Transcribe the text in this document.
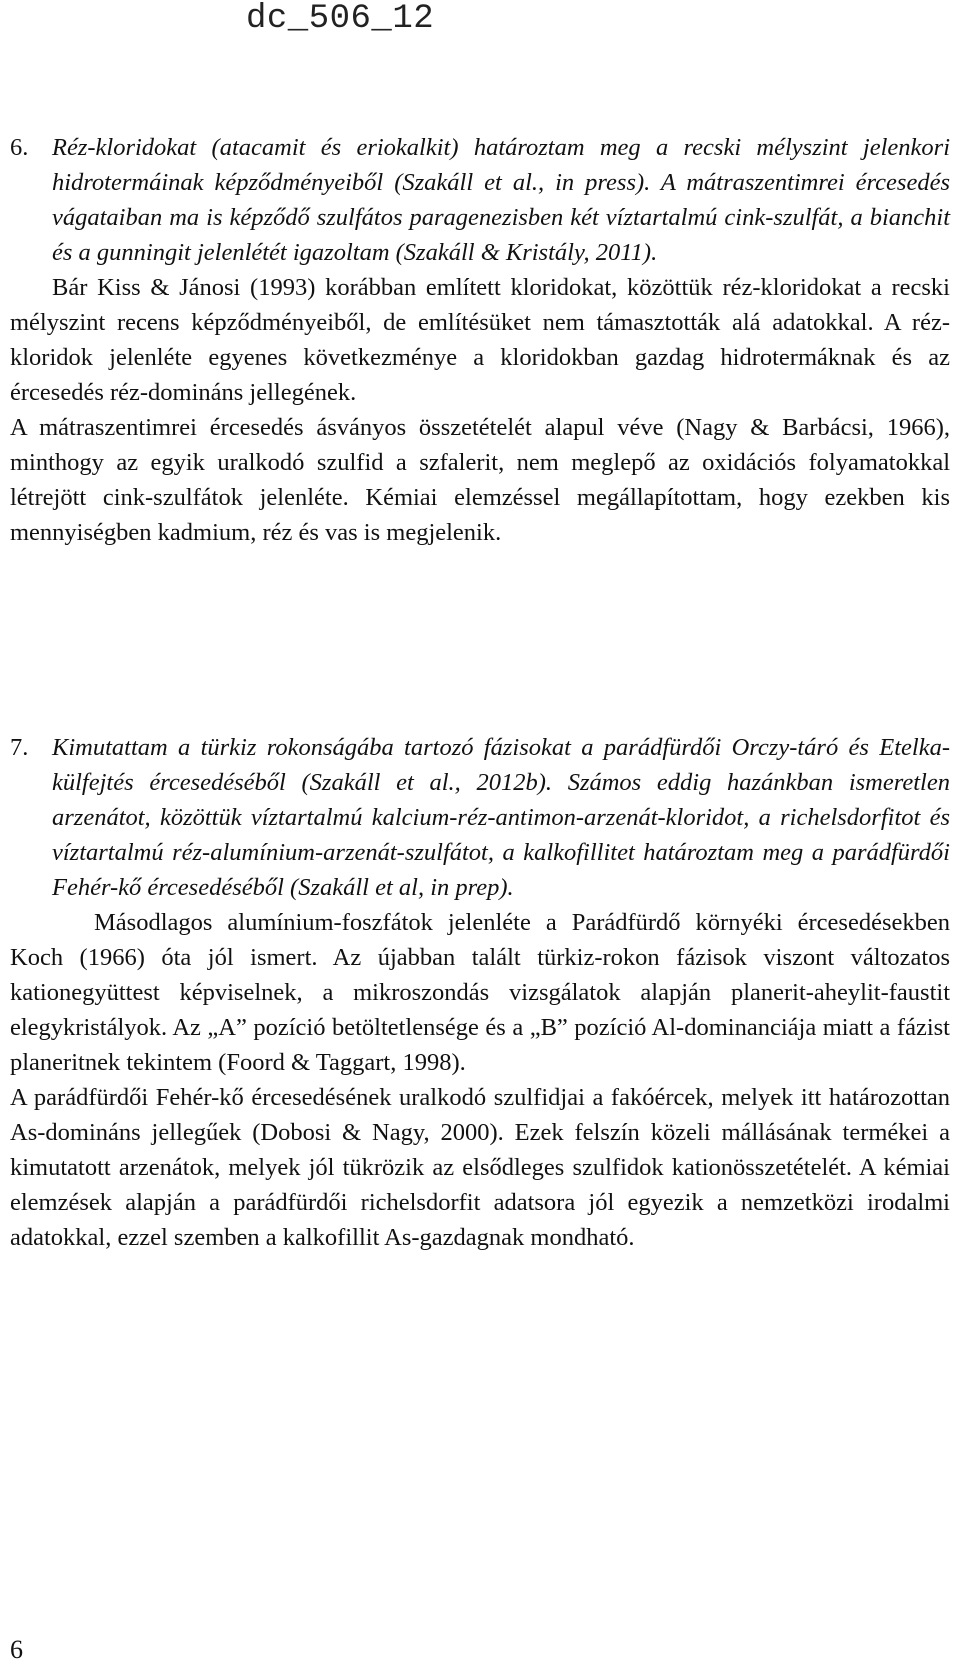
dc_506_12
6. Réz-kloridokat (atacamit és eriokalkit) határoztam meg a recski mélyszint jelenkori hidrotermáinak képződményeiből (Szakáll et al., in press). A mátraszentimrei ércesedés vágataiban ma is képződő szulfátos paragenezisben két víztartalmú cink-szulfát, a bianchit és a gunningit jelenlétét igazoltam (Szakáll & Kristály, 2011).

Bár Kiss & Jánosi (1993) korábban említett kloridokat, közöttük réz-kloridokat a recski mélyszint recens képződményeiből, de említésüket nem támasztották alá adatokkal. A réz-kloridok jelenléte egyenes következménye a kloridokban gazdag hidrotermáknak és az ércesedés réz-domináns jellegének.

A mátraszentimrei ércesedés ásványos összetételét alapul véve (Nagy & Barbácsi, 1966), minthogy az egyik uralkodó szulfid a szfalerit, nem meglepő az oxidációs folyamatokkal létrejött cink-szulfátok jelenléte. Kémiai elemzéssel megállapítottam, hogy ezekben kis mennyiségben kadmium, réz és vas is megjelenik.

7. Kimutattam a türkiz rokonságába tartozó fázisokat a parádfürdői Orczy-táró és Etelka-külfejtés ércesedéséből (Szakáll et al., 2012b). Számos eddig hazánkban ismeretlen arzenátot, közöttük víztartalmú kalcium-réz-antimon-arzenát-kloridot, a richelsdorfitot és víztartalmú réz-alumínium-arzenát-szulfátot, a kalkofillitet határoztam meg a parádfürdői Fehér-kő ércesedéséből (Szakáll et al, in prep).

Másodlagos alumínium-foszfátok jelenléte a Parádfürdő környéki ércesedésekben Koch (1966) óta jól ismert. Az újabban talált türkiz-rokon fázisok viszont változatos kationegyüttest képviselnek, a mikroszondás vizsgálatok alapján planerit-aheylit-faustit elegykristályok. Az „A” pozíció betöltetlensége és a „B” pozíció Al-dominanciája miatt a fázist planeritnek tekintem (Foord & Taggart, 1998).

A parádfürdői Fehér-kő ércesedésének uralkodó szulfidjai a fakóércek, melyek itt határozottan As-domináns jellegűek (Dobosi & Nagy, 2000). Ezek felszín közeli mállásának termékei a kimutatott arzenátok, melyek jól tükrözik az elsődleges szulfidok kationösszetételét. A kémiai elemzések alapján a parádfürdői richelsdorfit adatsora jól egyezik a nemzetközi irodalmi adatokkal, ezzel szemben a kalkofillit As-gazdagnak mondható.

6
